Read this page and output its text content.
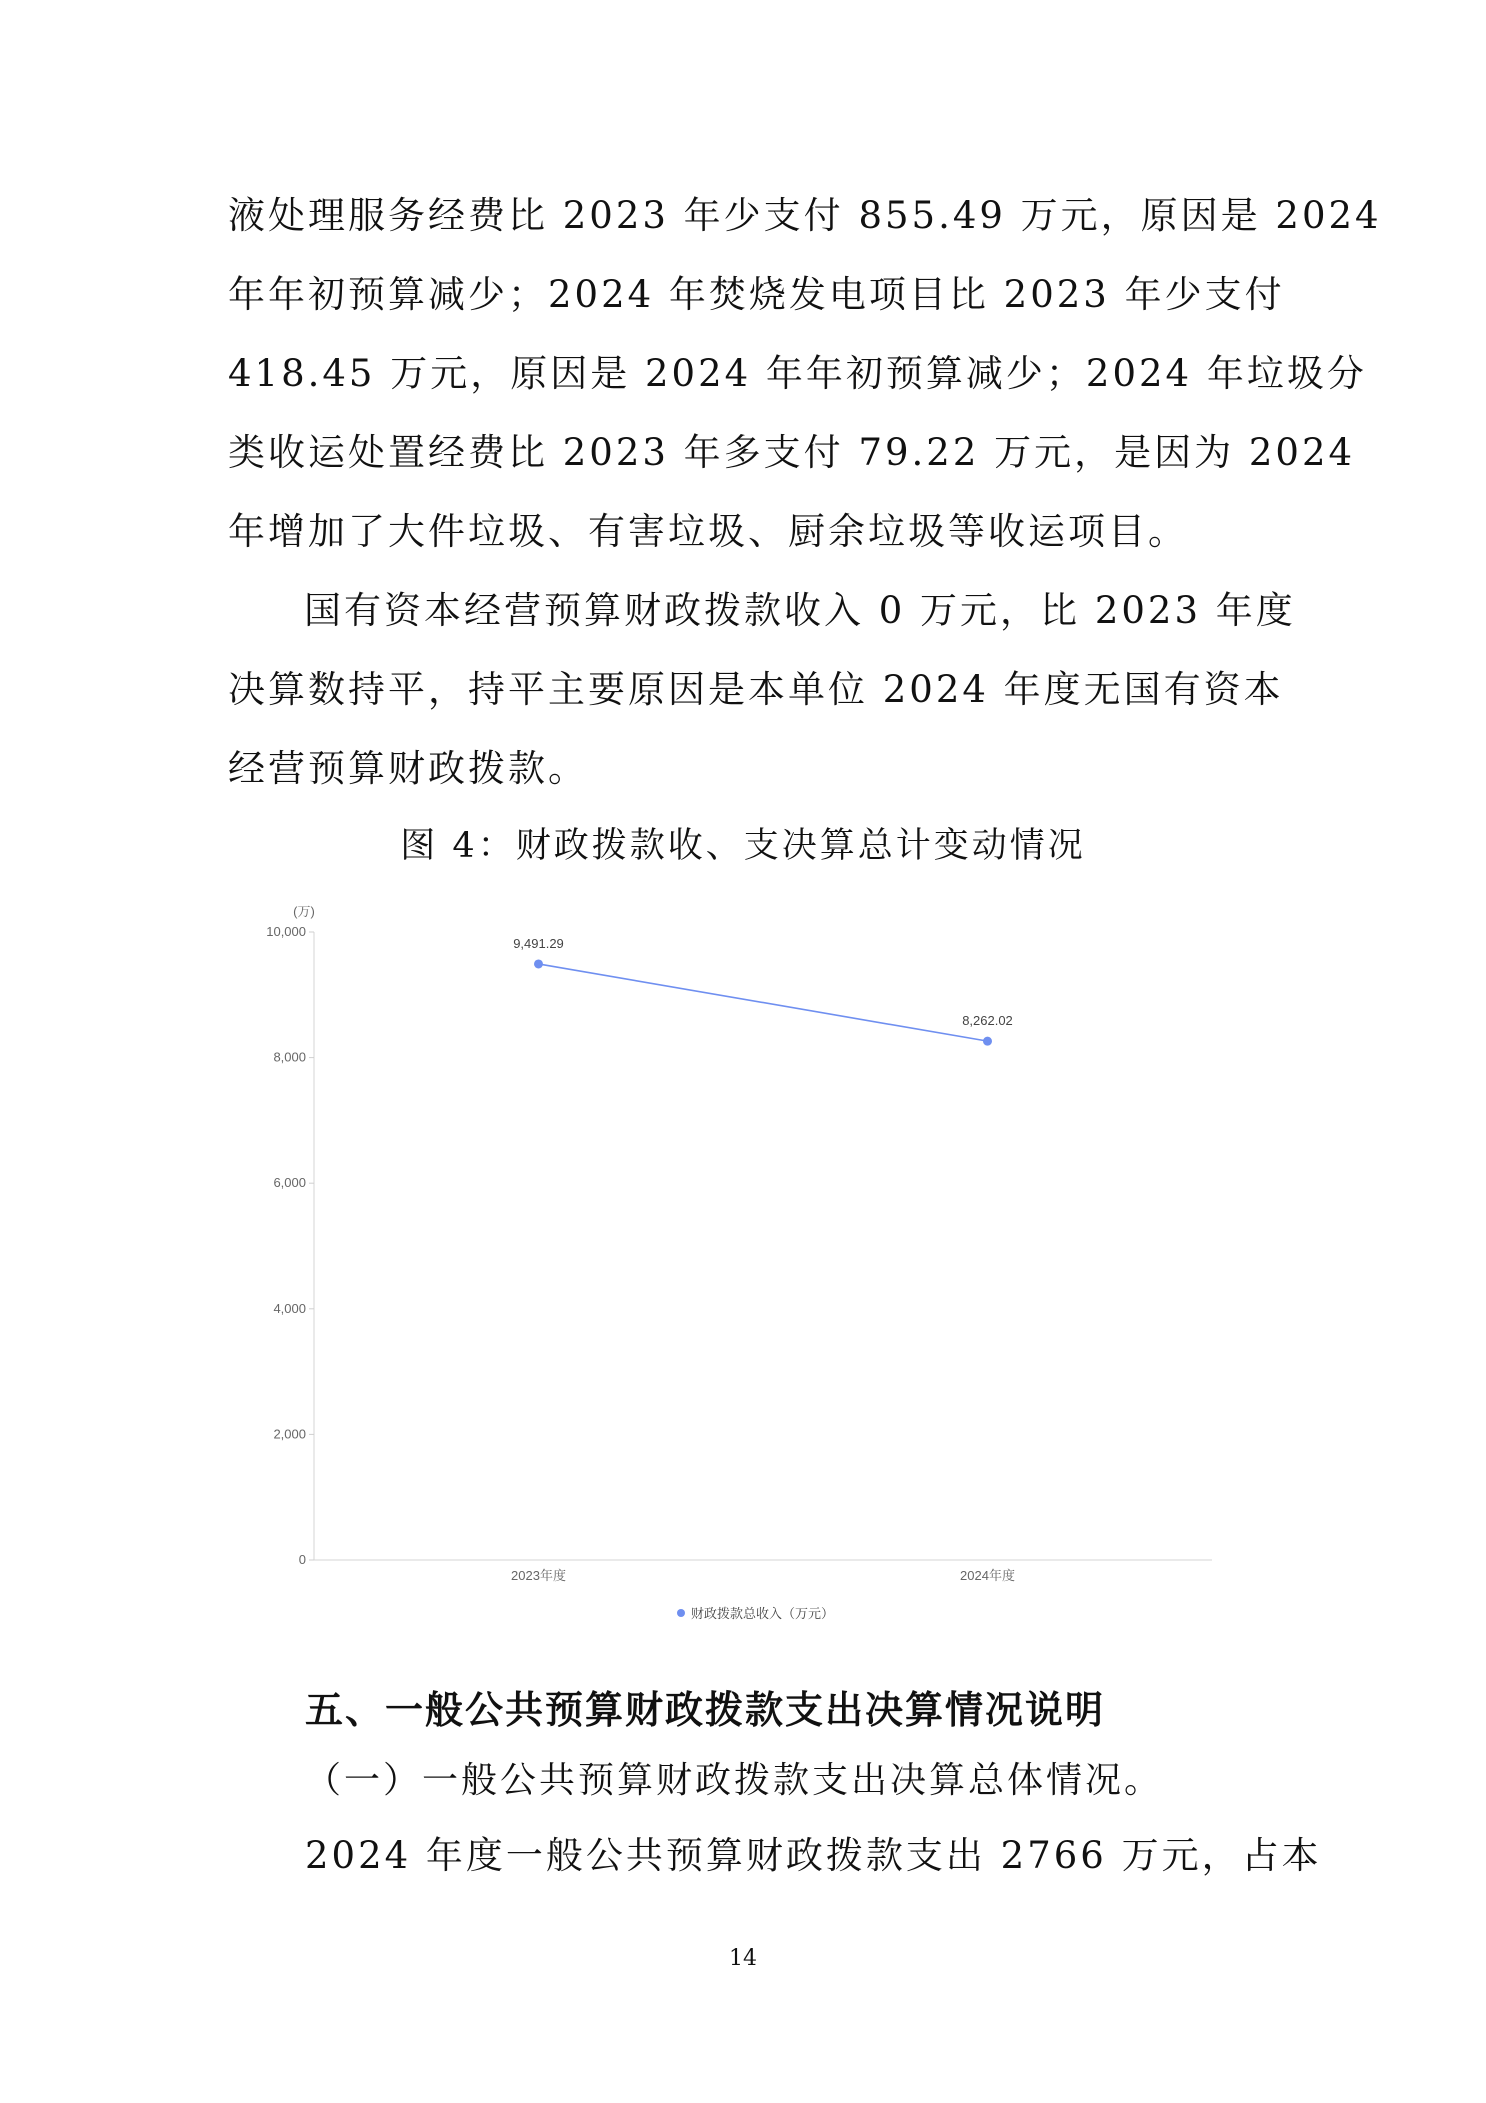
液处理服务经费比 2023 年少支付 855.49 万元，原因是 2024
年年初预算减少；2024 年焚烧发电项目比 2023 年少支付
418.45 万元，原因是 2024 年年初预算减少；2024 年垃圾分
类收运处置经费比 2023 年多支付 79.22 万元，是因为 2024
年增加了大件垃圾、有害垃圾、厨余垃圾等收运项目。
国有资本经营预算财政拨款收入 0 万元，比 2023 年度
决算数持平，持平主要原因是本单位 2024 年度无国有资本
经营预算财政拨款。

图 4：财政拨款收、支决算总计变动情况

(万)
0
2,000
4,000
6,000
8,000
10,000
2023年度	2024年度
9,491.29
8,262.02
财政拨款总收入（万元）
五、一般公共预算财政拨款支出决算情况说明

（一）一般公共预算财政拨款支出决算总体情况。

2024 年度一般公共预算财政拨款支出 2766 万元，占本

14
